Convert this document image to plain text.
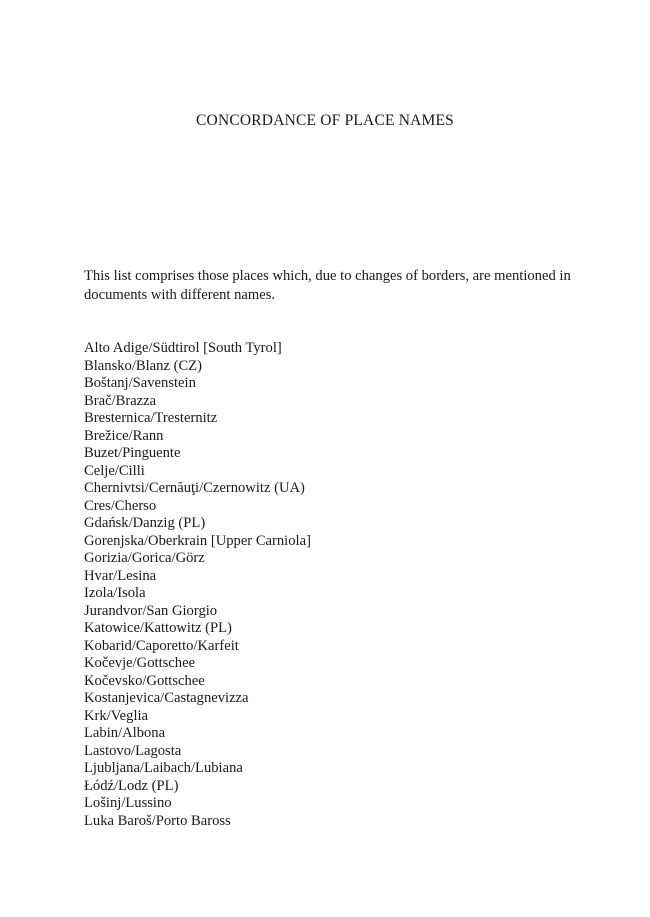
CONCORDANCE OF PLACE NAMES
This list comprises those places which, due to changes of borders, are mentioned in documents with different names.
Alto Adige/Südtirol [South Tyrol]
Blansko/Blanz (CZ)
Boštanj/Savenstein
Brač/Brazza
Bresternica/Tresternitz
Brežice/Rann
Buzet/Pinguente
Celje/Cilli
Chernivtsi/Cernăuţi/Czernowitz (UA)
Cres/Cherso
Gdańsk/Danzig (PL)
Gorenjska/Oberkrain [Upper Carniola]
Gorizia/Gorica/Görz
Hvar/Lesina
Izola/Isola
Jurandvor/San Giorgio
Katowice/Kattowitz (PL)
Kobarid/Caporetto/Karfeit
Kočevje/Gottschee
Kočevsko/Gottschee
Kostanjevica/Castagnevizza
Krk/Veglia
Labin/Albona
Lastovo/Lagosta
Ljubljana/Laibach/Lubiana
Łódź/Lodz (PL)
Lošinj/Lussino
Luka Baroš/Porto Baross
